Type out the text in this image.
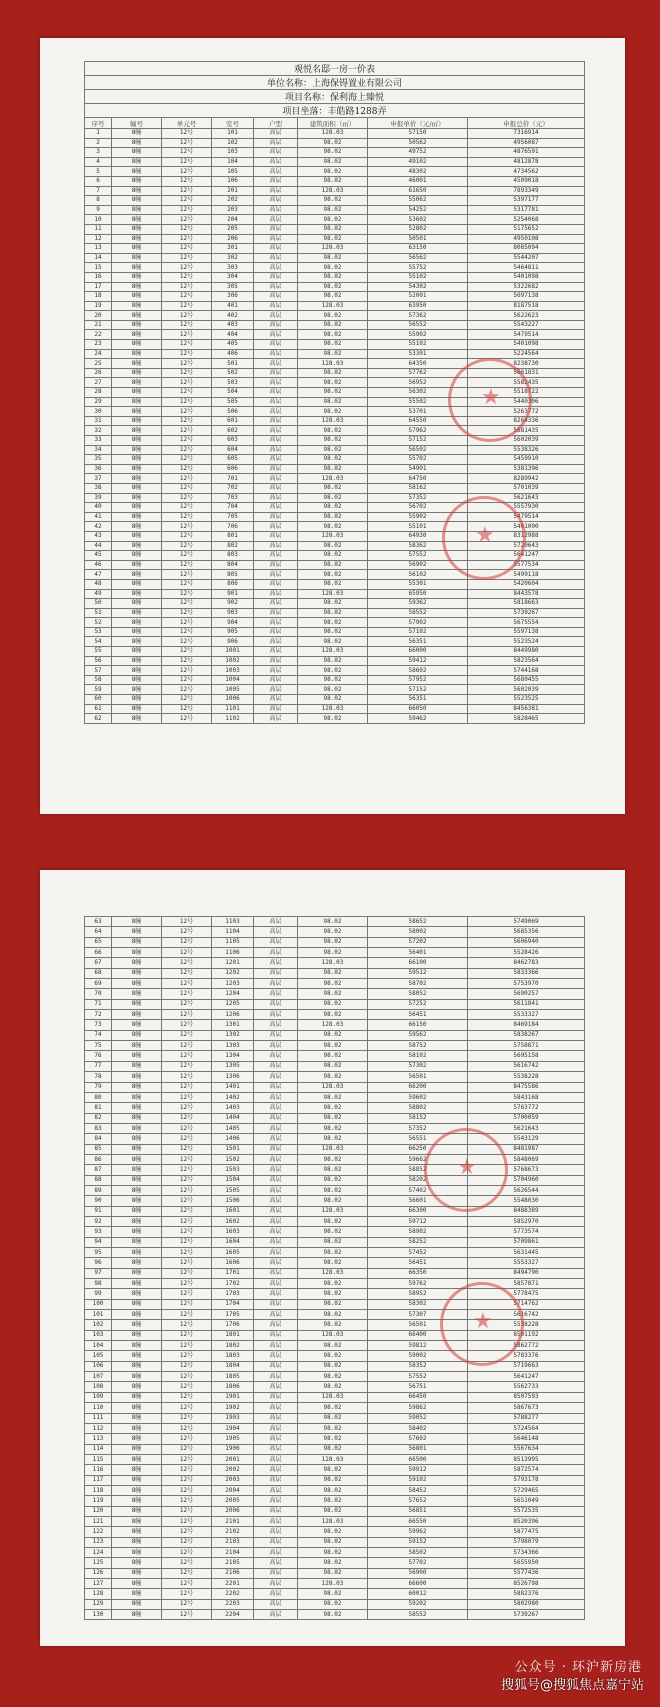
观悦名邸一房一价表							
单位名称：上海保锝置业有限公司							
项目名称：保利海上臻悦							
项目坐落：丰皓路1288弄							
序号	幢号	单元号	室号	户型	建筑面积（㎡）	申报单价（元/㎡）	申报总价（元）
1	8幢	12号	101	高层	128.03	57150	7316914
2	8幢	12号	102	高层	98.02	50562	4956087
3	8幢	12号	103	高层	98.02	49752	4876591
4	8幢	12号	104	高层	98.02	49102	4812878
5	8幢	12号	105	高层	98.02	48302	4734562
6	8幢	12号	106	高层	98.02	46001	4509018
7	8幢	12号	201	高层	128.03	61650	7893349
8	8幢	12号	202	高层	98.02	55062	5397177
9	8幢	12号	203	高层	98.02	54252	5317781
10	8幢	12号	204	高层	98.02	53602	5254068
11	8幢	12号	205	高层	98.02	52802	5175652
12	8幢	12号	206	高层	98.02	50501	4950108
13	8幢	12号	301	高层	128.03	63150	8085094
14	8幢	12号	302	高层	98.02	56562	5544207
15	8幢	12号	303	高层	98.02	55752	5464811
16	8幢	12号	304	高层	98.02	55102	5401098
17	8幢	12号	305	高层	98.02	54302	5322682
18	8幢	12号	306	高层	98.02	52001	5097138
19	8幢	12号	401	高层	128.03	63950	8187518
20	8幢	12号	402	高层	98.02	57362	5622623
21	8幢	12号	403	高层	98.02	56552	5543227
22	8幢	12号	404	高层	98.02	55902	5479514
23	8幢	12号	405	高层	98.02	55102	5401098
24	8幢	12号	406	高层	98.02	53301	5224564
25	8幢	12号	501	高层	128.03	64350	8238730
26	8幢	12号	502	高层	98.02	57762	5661831
27	8幢	12号	503	高层	98.02	56952	5582435
28	8幢	12号	504	高层	98.02	56302	5518722
29	8幢	12号	505	高层	98.02	55502	5440306
30	8幢	12号	506	高层	98.02	53701	5263772
31	8幢	12号	601	高层	128.03	64550	8264336
32	8幢	12号	602	高层	98.02	57962	5681435
33	8幢	12号	603	高层	98.02	57152	5602039
34	8幢	12号	604	高层	98.02	56502	5538326
35	8幢	12号	605	高层	98.02	55702	5459910
36	8幢	12号	606	高层	98.02	54901	5381396
37	8幢	12号	701	高层	128.03	64750	8289942
38	8幢	12号	702	高层	98.02	58162	5701039
39	8幢	12号	703	高层	98.02	57352	5621643
40	8幢	12号	704	高层	98.02	56702	5557930
41	8幢	12号	705	高层	98.02	55902	5479514
42	8幢	12号	706	高层	98.02	55101	5401000
43	8幢	12号	801	高层	128.03	64930	8312988
44	8幢	12号	802	高层	98.02	58362	5720643
45	8幢	12号	803	高层	98.02	57552	5641247
46	8幢	12号	804	高层	98.02	56902	5577534
47	8幢	12号	805	高层	98.02	56102	5499118
48	8幢	12号	806	高层	98.02	55301	5420604
49	8幢	12号	901	高层	128.03	65950	8443578
50	8幢	12号	902	高层	98.02	59362	5818663
51	8幢	12号	903	高层	98.02	58552	5739267
52	8幢	12号	904	高层	98.02	57902	5675554
53	8幢	12号	905	高层	98.02	57102	5597138
54	8幢	12号	906	高层	98.02	56351	5523524
55	8幢	12号	1001	高层	128.03	66000	8449980
56	8幢	12号	1002	高层	98.02	59412	5823564
57	8幢	12号	1003	高层	98.02	58602	5744168
58	8幢	12号	1004	高层	98.02	57952	5680455
59	8幢	12号	1005	高层	98.02	57152	5602039
60	8幢	12号	1006	高层	98.02	56351	5523525
61	8幢	12号	1101	高层	128.03	66050	8456381
62	8幢	12号	1102	高层	98.02	59462	5828465
★
★
63	8幢	12号	1103	高层	98.02	58652	5749069
64	8幢	12号	1104	高层	98.02	58002	5685356
65	8幢	12号	1105	高层	98.02	57202	5606940
66	8幢	12号	1106	高层	98.02	56401	5528426
67	8幢	12号	1201	高层	128.03	66100	8462783
68	8幢	12号	1202	高层	98.02	59512	5833366
69	8幢	12号	1203	高层	98.02	58702	5753970
70	8幢	12号	1204	高层	98.02	58052	5690257
71	8幢	12号	1205	高层	98.02	57252	5611841
72	8幢	12号	1206	高层	98.02	56451	5533327
73	8幢	12号	1301	高层	128.03	66150	8469184
74	8幢	12号	1302	高层	98.02	59562	5838267
75	8幢	12号	1303	高层	98.02	58752	5758871
76	8幢	12号	1304	高层	98.02	58102	5695158
77	8幢	12号	1305	高层	98.02	57302	5616742
78	8幢	12号	1306	高层	98.02	56501	5538228
79	8幢	12号	1401	高层	128.03	66200	8475586
80	8幢	12号	1402	高层	98.02	59602	5843168
81	8幢	12号	1403	高层	98.02	58802	5763772
82	8幢	12号	1404	高层	98.02	58152	5700059
83	8幢	12号	1405	高层	98.02	57352	5621643
84	8幢	12号	1406	高层	98.02	56551	5543129
85	8幢	12号	1501	高层	128.03	66250	8481987
86	8幢	12号	1502	高层	98.02	59662	5848069
87	8幢	12号	1503	高层	98.02	58852	5768673
88	8幢	12号	1504	高层	98.02	58202	5704960
89	8幢	12号	1505	高层	98.02	57402	5626544
90	8幢	12号	1506	高层	98.02	56601	5548030
91	8幢	12号	1601	高层	128.03	66300	8488389
92	8幢	12号	1602	高层	98.02	59712	5852970
93	8幢	12号	1603	高层	98.02	58902	5773574
94	8幢	12号	1604	高层	98.02	58252	5709861
95	8幢	12号	1605	高层	98.02	57452	5631445
96	8幢	12号	1606	高层	98.02	56451	5553327
97	8幢	12号	1701	高层	128.03	66350	8494790
98	8幢	12号	1702	高层	98.02	59762	5857871
99	8幢	12号	1703	高层	98.02	58952	5778475
100	8幢	12号	1704	高层	98.02	58302	5714762
101	8幢	12号	1705	高层	98.02	57307	5616742
102	8幢	12号	1706	高层	98.02	56501	5538228
103	8幢	12号	1801	高层	128.03	66400	8501192
104	8幢	12号	1802	高层	98.02	59812	5862772
105	8幢	12号	1803	高层	98.02	59002	5783376
106	8幢	12号	1804	高层	98.02	58352	5719663
107	8幢	12号	1805	高层	98.02	57552	5641247
108	8幢	12号	1806	高层	98.02	56751	5562733
109	8幢	12号	1901	高层	128.03	66450	8507593
110	8幢	12号	1902	高层	98.02	59862	5867673
111	8幢	12号	1903	高层	98.02	59052	5788277
112	8幢	12号	1904	高层	98.02	58402	5724564
113	8幢	12号	1905	高层	98.02	57602	5646148
114	8幢	12号	1906	高层	98.02	56801	5567634
115	8幢	12号	2001	高层	128.03	66500	8513995
116	8幢	12号	2002	高层	98.02	59912	5872574
117	8幢	12号	2003	高层	98.02	59102	5793178
118	8幢	12号	2004	高层	98.02	58452	5729465
119	8幢	12号	2005	高层	98.02	57652	5651049
120	8幢	12号	2006	高层	98.02	56851	5572535
121	8幢	12号	2101	高层	128.03	66550	8520396
122	8幢	12号	2102	高层	98.02	59962	5877475
123	8幢	12号	2103	高层	98.02	59152	5798079
124	8幢	12号	2104	高层	98.02	58502	5734366
125	8幢	12号	2105	高层	98.02	57702	5655950
126	8幢	12号	2106	高层	98.02	56900	5577436
127	8幢	12号	2201	高层	128.03	66600	8526798
128	8幢	12号	2202	高层	98.02	60012	5882376
129	8幢	12号	2203	高层	98.02	59202	5802980
130	8幢	12号	2204	高层	98.02	58552	5739267
★
★
公众号 · 环沪新房港
搜狐号@搜狐焦点嘉宁站
